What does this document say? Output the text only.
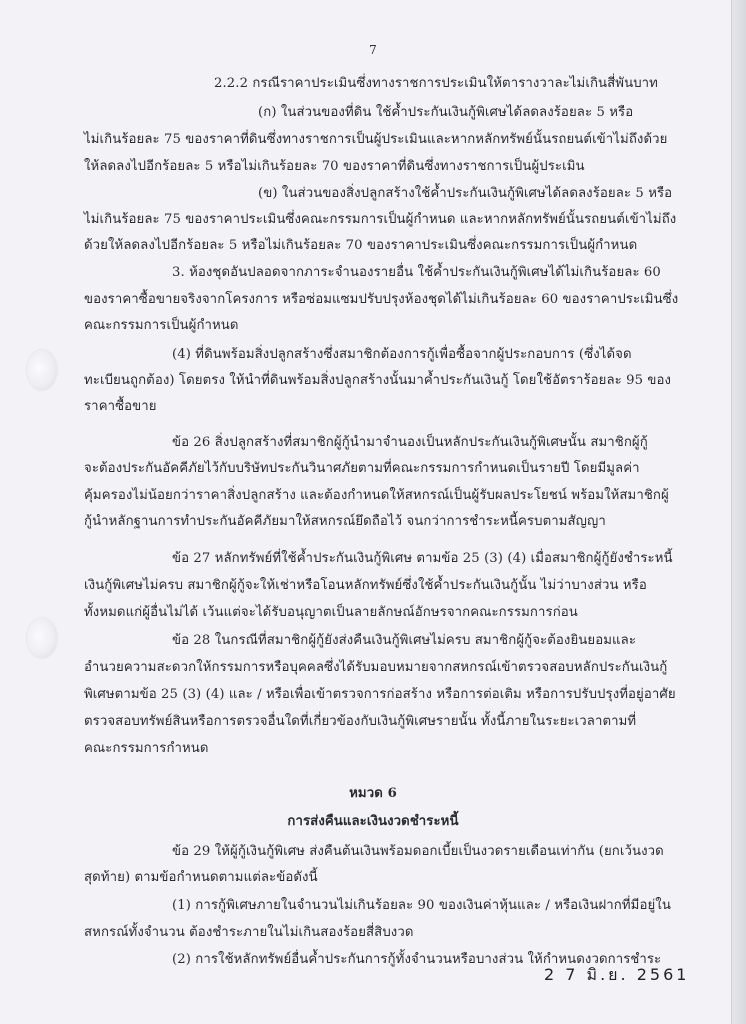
7
2.2.2 กรณีราคาประเมินซึ่งทางราชการประเมินให้ตารางวาละไม่เกินสี่พันบาท
(ก) ในส่วนของที่ดิน ใช้ค้ำประกันเงินกู้พิเศษได้ลดลงร้อยละ 5 หรือ
ไม่เกินร้อยละ 75 ของราคาที่ดินซึ่งทางราชการเป็นผู้ประเมินและหากหลักทรัพย์นั้นรถยนต์เข้าไม่ถึงด้วย
ให้ลดลงไปอีกร้อยละ 5 หรือไม่เกินร้อยละ 70 ของราคาที่ดินซึ่งทางราชการเป็นผู้ประเมิน
(ข) ในส่วนของสิ่งปลูกสร้างใช้ค้ำประกันเงินกู้พิเศษได้ลดลงร้อยละ 5 หรือ
ไม่เกินร้อยละ 75 ของราคาประเมินซึ่งคณะกรรมการเป็นผู้กำหนด และหากหลักทรัพย์นั้นรถยนต์เข้าไม่ถึง
ด้วยให้ลดลงไปอีกร้อยละ 5 หรือไม่เกินร้อยละ 70 ของราคาประเมินซึ่งคณะกรรมการเป็นผู้กำหนด
3. ห้องชุดอันปลอดจากภาระจำนองรายอื่น ใช้ค้ำประกันเงินกู้พิเศษได้ไม่เกินร้อยละ 60
ของราคาซื้อขายจริงจากโครงการ หรือซ่อมแซมปรับปรุงห้องชุดได้ไม่เกินร้อยละ 60 ของราคาประเมินซึ่ง
คณะกรรมการเป็นผู้กำหนด
(4) ที่ดินพร้อมสิ่งปลูกสร้างซึ่งสมาชิกต้องการกู้เพื่อซื้อจากผู้ประกอบการ (ซึ่งได้จด
ทะเบียนถูกต้อง) โดยตรง ให้นำที่ดินพร้อมสิ่งปลูกสร้างนั้นมาค้ำประกันเงินกู้ โดยใช้อัตราร้อยละ 95 ของ
ราคาซื้อขาย
ข้อ 26 สิ่งปลูกสร้างที่สมาชิกผู้กู้นำมาจำนองเป็นหลักประกันเงินกู้พิเศษนั้น สมาชิกผู้กู้
จะต้องประกันอัคคีภัยไว้กับบริษัทประกันวินาศภัยตามที่คณะกรรมการกำหนดเป็นรายปี โดยมีมูลค่า
คุ้มครองไม่น้อยกว่าราคาสิ่งปลูกสร้าง และต้องกำหนดให้สหกรณ์เป็นผู้รับผลประโยชน์ พร้อมให้สมาชิกผู้
กู้นำหลักฐานการทำประกันอัคคีภัยมาให้สหกรณ์ยึดถือไว้ จนกว่าการชำระหนี้ครบตามสัญญา
ข้อ 27 หลักทรัพย์ที่ใช้ค้ำประกันเงินกู้พิเศษ ตามข้อ 25 (3) (4) เมื่อสมาชิกผู้กู้ยังชำระหนี้
เงินกู้พิเศษไม่ครบ สมาชิกผู้กู้จะให้เช่าหรือโอนหลักทรัพย์ซึ่งใช้ค้ำประกันเงินกู้นั้น ไม่ว่าบางส่วน หรือ
ทั้งหมดแก่ผู้อื่นไม่ได้ เว้นแต่จะได้รับอนุญาตเป็นลายลักษณ์อักษรจากคณะกรรมการก่อน
ข้อ 28 ในกรณีที่สมาชิกผู้กู้ยังส่งคืนเงินกู้พิเศษไม่ครบ สมาชิกผู้กู้จะต้องยินยอมและ
อำนวยความสะดวกให้กรรมการหรือบุคคลซึ่งได้รับมอบหมายจากสหกรณ์เข้าตรวจสอบหลักประกันเงินกู้
พิเศษตามข้อ 25 (3) (4) และ / หรือเพื่อเข้าตรวจการก่อสร้าง หรือการต่อเติม หรือการปรับปรุงที่อยู่อาศัย
ตรวจสอบทรัพย์สินหรือการตรวจอื่นใดที่เกี่ยวข้องกับเงินกู้พิเศษรายนั้น ทั้งนี้ภายในระยะเวลาตามที่
คณะกรรมการกำหนด
หมวด 6
การส่งคืนและเงินงวดชำระหนี้
ข้อ 29 ให้ผู้กู้เงินกู้พิเศษ ส่งคืนต้นเงินพร้อมดอกเบี้ยเป็นงวดรายเดือนเท่ากัน (ยกเว้นงวด
สุดท้าย) ตามข้อกำหนดตามแต่ละข้อดังนี้
(1) การกู้พิเศษภายในจำนวนไม่เกินร้อยละ 90 ของเงินค่าหุ้นและ / หรือเงินฝากที่มีอยู่ใน
สหกรณ์ทั้งจำนวน ต้องชำระภายในไม่เกินสองร้อยสี่สิบงวด
(2) การใช้หลักทรัพย์อื่นค้ำประกันการกู้ทั้งจำนวนหรือบางส่วน ให้กำหนดงวดการชำระ
2 7 มิ.ย. 2561
